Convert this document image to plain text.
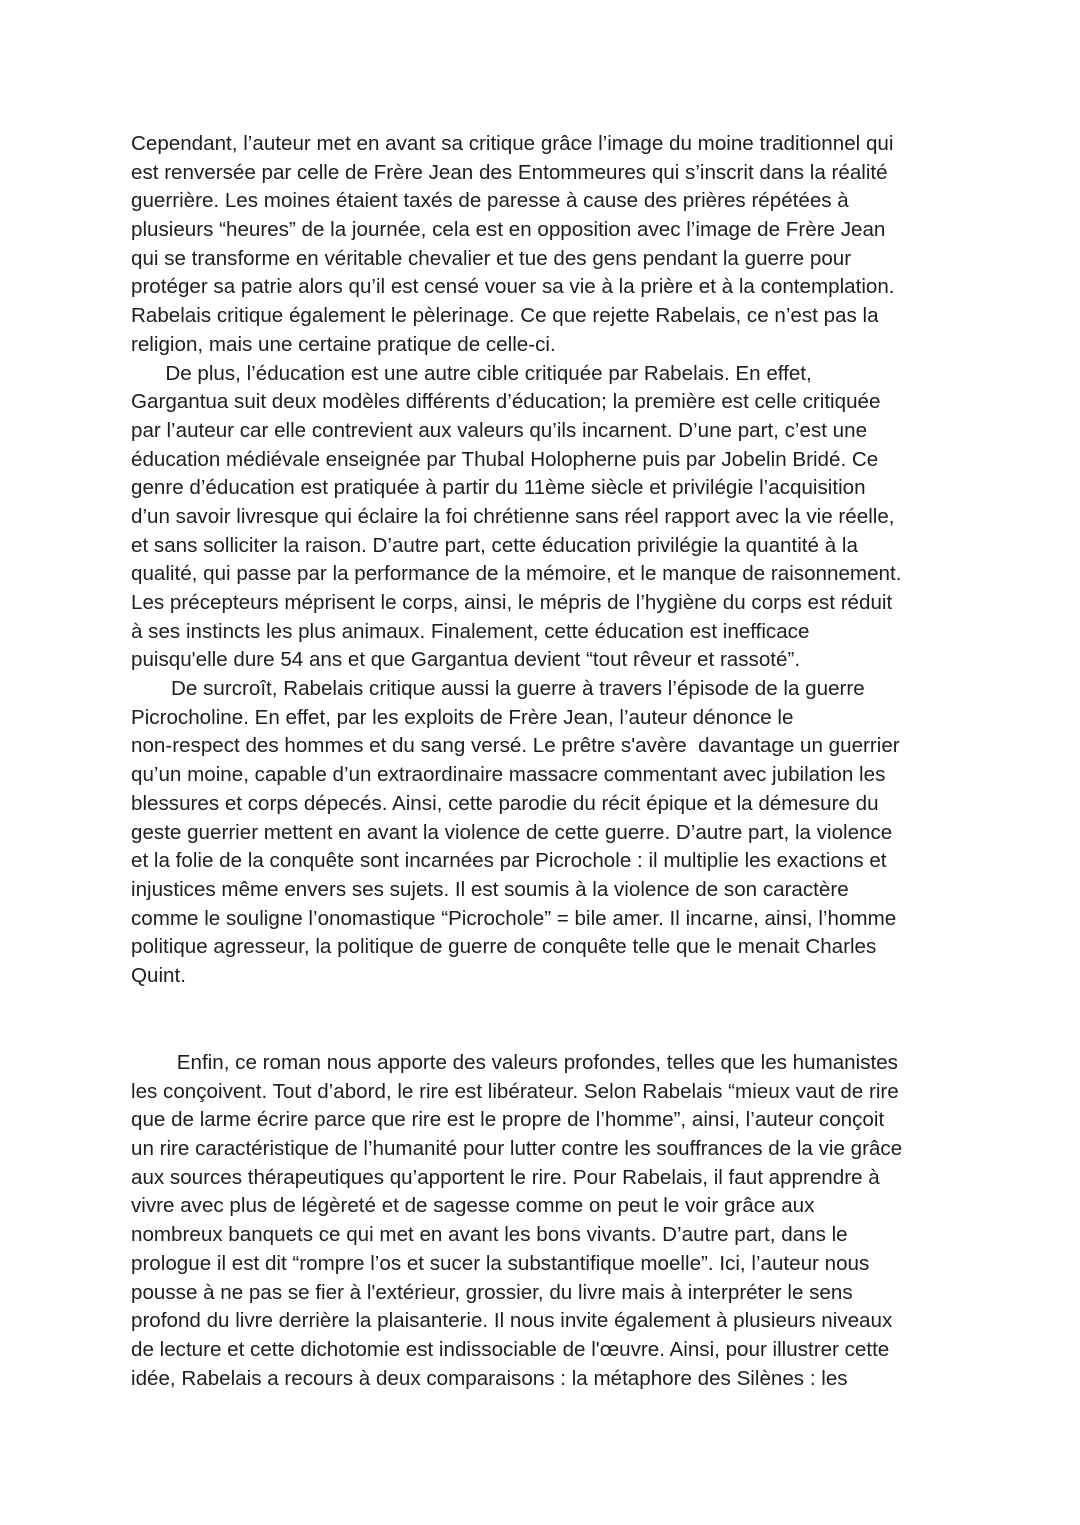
Cependant, l’auteur met en avant sa critique grâce l’image du moine traditionnel qui
est renversée par celle de Frère Jean des Entommeures qui s’inscrit dans la réalité
guerrière. Les moines étaient taxés de paresse à cause des prières répétées à
plusieurs “heures” de la journée, cela est en opposition avec l’image de Frère Jean
qui se transforme en véritable chevalier et tue des gens pendant la guerre pour
protéger sa patrie alors qu’il est censé vouer sa vie à la prière et à la contemplation.
Rabelais critique également le pèlerinage. Ce que rejette Rabelais, ce n’est pas la
religion, mais une certaine pratique de celle-ci.
De plus, l’éducation est une autre cible critiquée par Rabelais. En effet,
Gargantua suit deux modèles différents d’éducation; la première est celle critiquée
par l’auteur car elle contrevient aux valeurs qu’ils incarnent. D’une part, c’est une
éducation médiévale enseignée par Thubal Holopherne puis par Jobelin Bridé. Ce
genre d’éducation est pratiquée à partir du 11ème siècle et privilégie l’acquisition
d’un savoir livresque qui éclaire la foi chrétienne sans réel rapport avec la vie réelle,
et sans solliciter la raison. D’autre part, cette éducation privilégie la quantité à la
qualité, qui passe par la performance de la mémoire, et le manque de raisonnement.
Les précepteurs méprisent le corps, ainsi, le mépris de l’hygiène du corps est réduit
à ses instincts les plus animaux. Finalement, cette éducation est inefficace
puisqu'elle dure 54 ans et que Gargantua devient “tout rêveur et rassoté”.
De surcroît, Rabelais critique aussi la guerre à travers l’épisode de la guerre
Picrocholine. En effet, par les exploits de Frère Jean, l’auteur dénonce le
non-respect des hommes et du sang versé. Le prêtre s'avère  davantage un guerrier
qu’un moine, capable d’un extraordinaire massacre commentant avec jubilation les
blessures et corps dépecés. Ainsi, cette parodie du récit épique et la démesure du
geste guerrier mettent en avant la violence de cette guerre. D’autre part, la violence
et la folie de la conquête sont incarnées par Picrochole : il multiplie les exactions et
injustices même envers ses sujets. Il est soumis à la violence de son caractère
comme le souligne l’onomastique “Picrochole” = bile amer. Il incarne, ainsi, l’homme
politique agresseur, la politique de guerre de conquête telle que le menait Charles
Quint.
Enfin, ce roman nous apporte des valeurs profondes, telles que les humanistes
les conçoivent. Tout d’abord, le rire est libérateur. Selon Rabelais “mieux vaut de rire
que de larme écrire parce que rire est le propre de l’homme”, ainsi, l’auteur conçoit
un rire caractéristique de l’humanité pour lutter contre les souffrances de la vie grâce
aux sources thérapeutiques qu’apportent le rire. Pour Rabelais, il faut apprendre à
vivre avec plus de légèreté et de sagesse comme on peut le voir grâce aux
nombreux banquets ce qui met en avant les bons vivants. D’autre part, dans le
prologue il est dit “rompre l’os et sucer la substantifique moelle”. Ici, l’auteur nous
pousse à ne pas se fier à l'extérieur, grossier, du livre mais à interpréter le sens
profond du livre derrière la plaisanterie. Il nous invite également à plusieurs niveaux
de lecture et cette dichotomie est indissociable de l'œuvre. Ainsi, pour illustrer cette
idée, Rabelais a recours à deux comparaisons : la métaphore des Silènes : les
